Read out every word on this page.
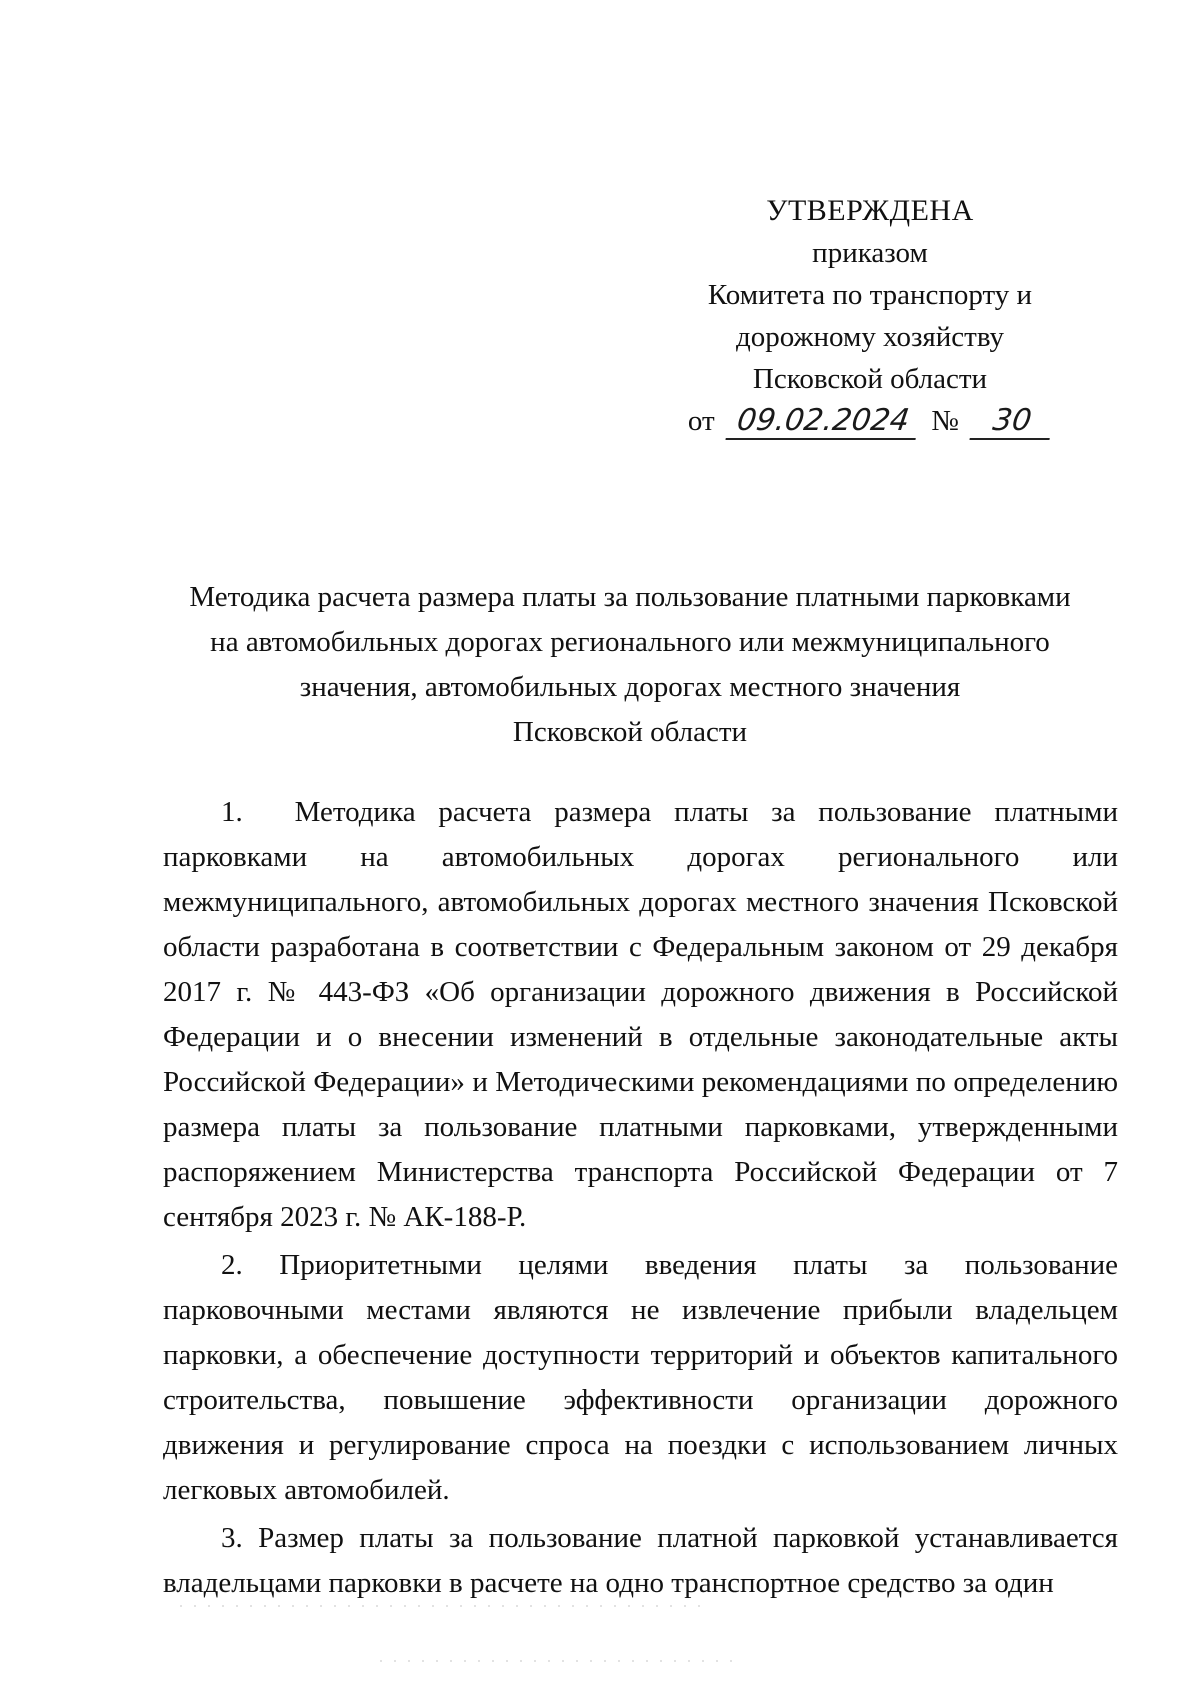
УТВЕРЖДЕНА
приказом
Комитета по транспорту и
дорожному хозяйству
Псковской области
от 09.02.2024 № 30
Методика расчета размера платы за пользование платными парковками
на автомобильных дорогах регионального или межмуниципального
значения, автомобильных дорогах местного значения
Псковской области

1.  Методика расчета размера платы за пользование платными парковками на автомобильных дорогах регионального или межмуниципального, автомобильных дорогах местного значения Псковской области разработана в соответствии с Федеральным законом от 29 декабря 2017 г. № 443-ФЗ «Об организации дорожного движения в Российской Федерации и о внесении изменений в отдельные законодательные акты Российской Федерации» и Методическими рекомендациями по определению размера платы за пользование платными парковками, утвержденными распоряжением Министерства транспорта Российской Федерации от 7 сентября 2023 г. № АК-188-Р.

2. Приоритетными целями введения платы за пользование парковочными местами являются не извлечение прибыли владельцем парковки, а обеспечение доступности территорий и объектов капитального строительства, повышение эффективности организации дорожного движения и регулирование спроса на поездки с использованием личных легковых автомобилей.

3. Размер платы за пользование платной парковкой устанавливается владельцами парковки в расчете на одно транспортное средство за один
